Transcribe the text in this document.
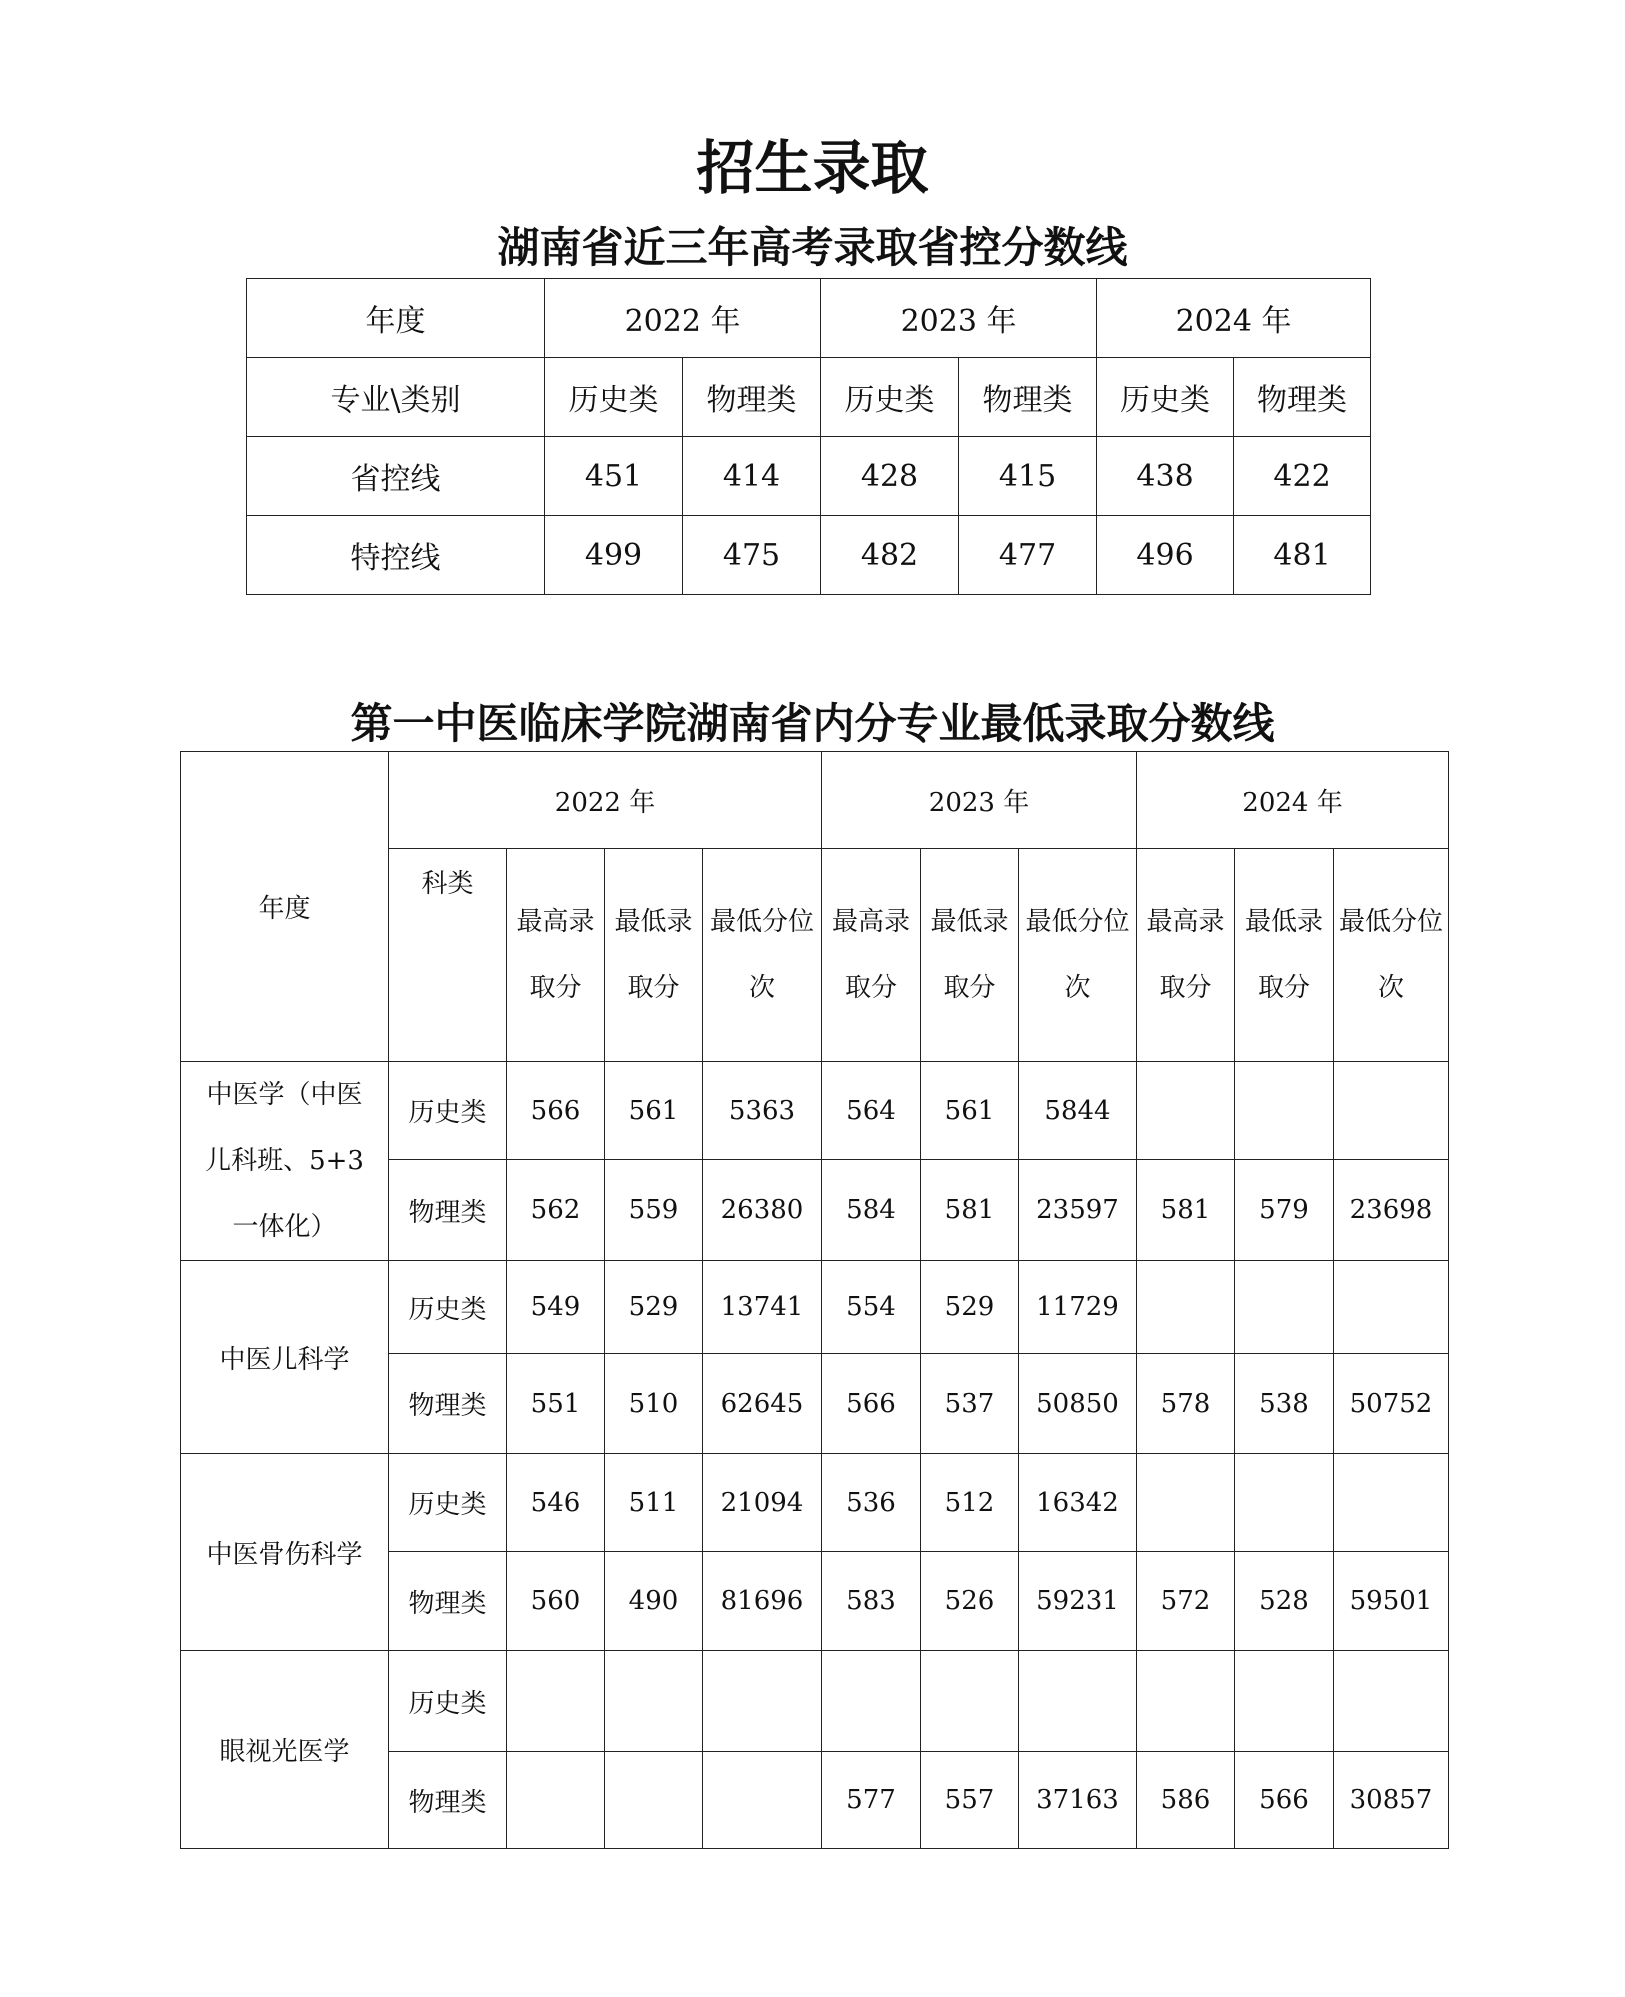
招生录取
湖南省近三年高考录取省控分数线
年度	2022 年		2023 年		2024 年	
专业\类别	历史类	物理类	历史类	物理类	历史类	物理类
省控线	451	414	428	415	438	422
特控线	499	475	482	477	496	481
第一中医临床学院湖南省内分专业最低录取分数线
年度	2022 年				2023 年			2024 年		
	科类	最高录取分	最低录取分	最低分位次	最高录取分	最低录取分	最低分位次	最高录取分	最低录取分	最低分位次
中医学（中医儿科班、5+3一体化）	历史类	566	561	5363	564	561	5844			
	物理类	562	559	26380	584	581	23597	581	579	23698
中医儿科学	历史类	549	529	13741	554	529	11729			
	物理类	551	510	62645	566	537	50850	578	538	50752
中医骨伤科学	历史类	546	511	21094	536	512	16342			
	物理类	560	490	81696	583	526	59231	572	528	59501
眼视光医学	历史类									
	物理类				577	557	37163	586	566	30857
